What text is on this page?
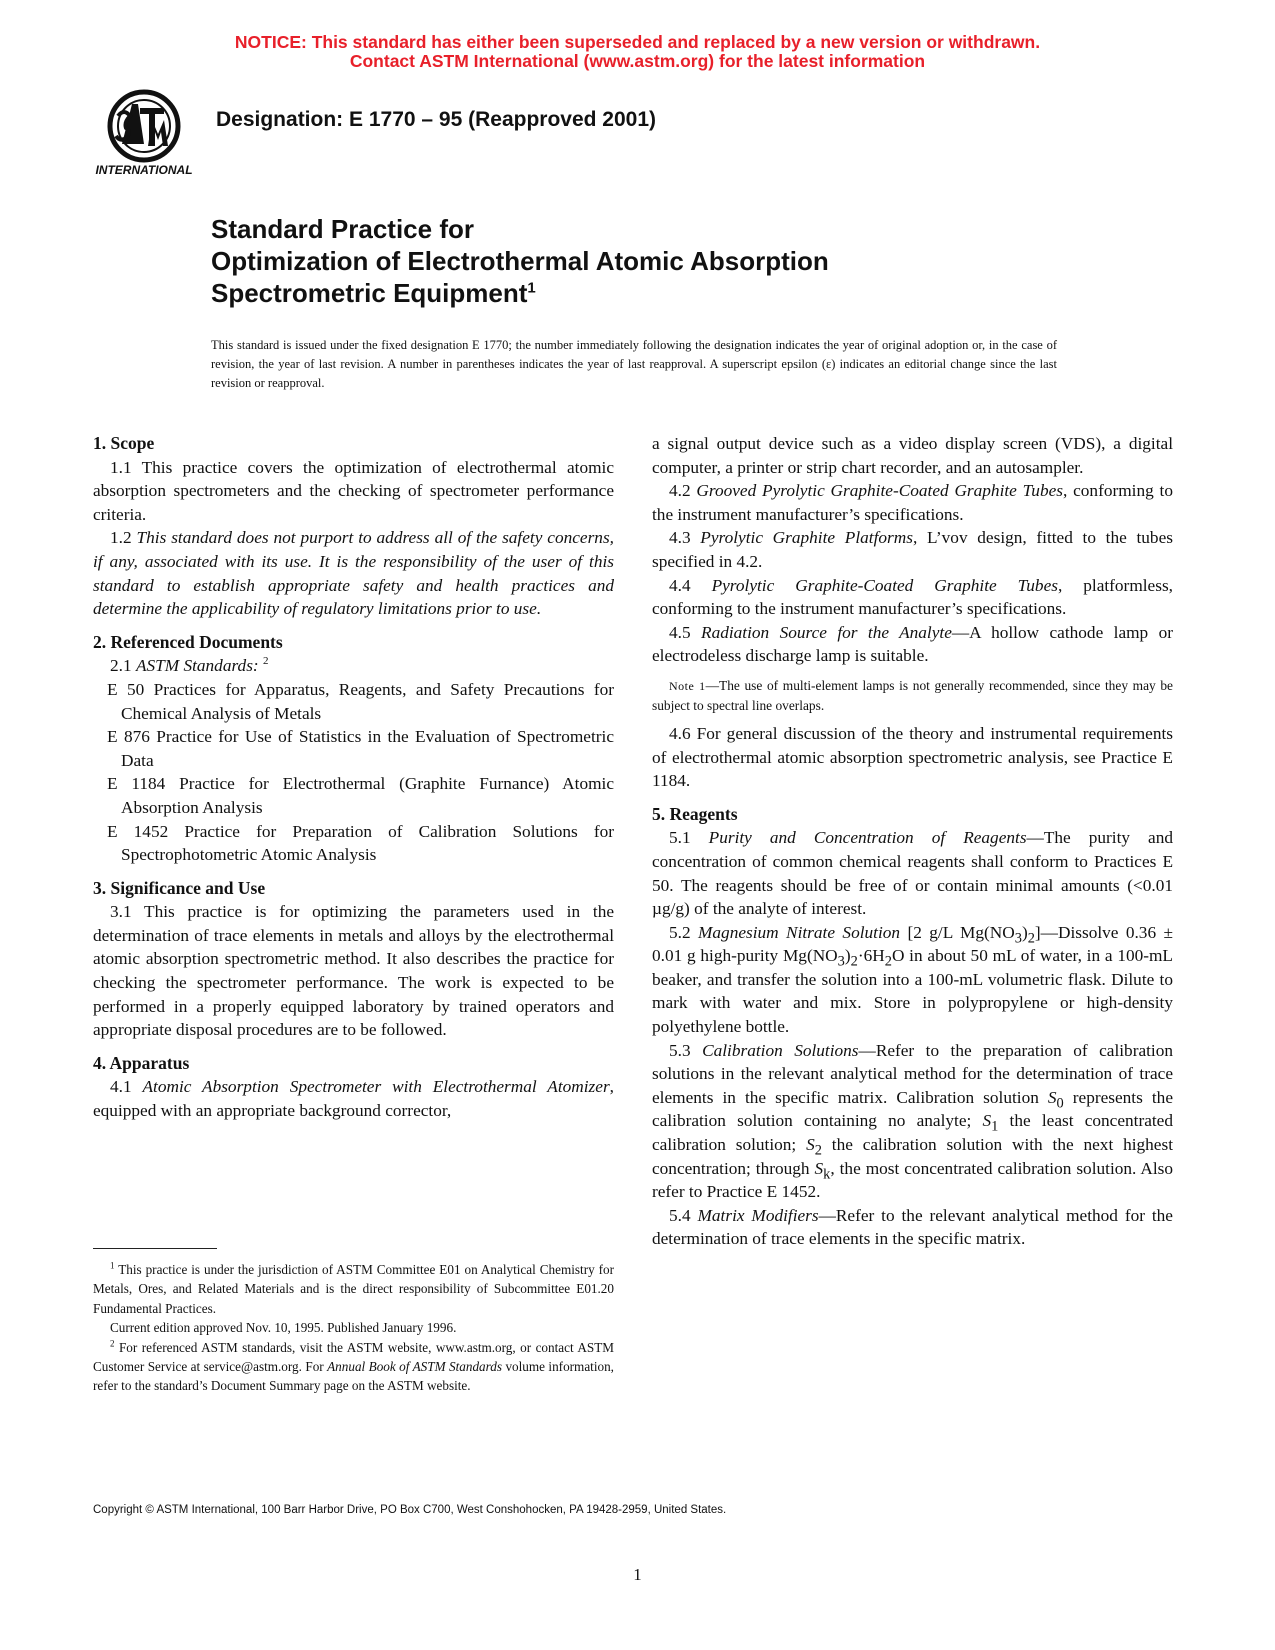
NOTICE: This standard has either been superseded and replaced by a new version or withdrawn.
Contact ASTM International (www.astm.org) for the latest information
INTERNATIONAL
Designation: E 1770 – 95 (Reapproved 2001)
Standard Practice for
Optimization of Electrothermal Atomic Absorption
Spectrometric Equipment$^1$
This standard is issued under the fixed designation E 1770; the number immediately following the designation indicates the year of original adoption or, in the case of revision, the year of last revision. A number in parentheses indicates the year of last reapproval. A superscript epsilon (ε) indicates an editorial change since the last revision or reapproval.
1. Scope

1.1 This practice covers the optimization of electrothermal atomic absorption spectrometers and the checking of spectrometer performance criteria.

1.2 This standard does not purport to address all of the safety concerns, if any, associated with its use. It is the responsibility of the user of this standard to establish appropriate safety and health practices and determine the applicability of regulatory limitations prior to use.

2. Referenced Documents

2.1 ASTM Standards: $^2$

E 50 Practices for Apparatus, Reagents, and Safety Precautions for Chemical Analysis of Metals

E 876 Practice for Use of Statistics in the Evaluation of Spectrometric Data

E 1184 Practice for Electrothermal (Graphite Furnance) Atomic Absorption Analysis

E 1452 Practice for Preparation of Calibration Solutions for Spectrophotometric Atomic Analysis

3. Significance and Use

3.1 This practice is for optimizing the parameters used in the determination of trace elements in metals and alloys by the electrothermal atomic absorption spectrometric method. It also describes the practice for checking the spectrometer performance. The work is expected to be performed in a properly equipped laboratory by trained operators and appropriate disposal procedures are to be followed.

4. Apparatus

4.1 Atomic Absorption Spectrometer with Electrothermal Atomizer, equipped with an appropriate background corrector,

$^1$ This practice is under the jurisdiction of ASTM Committee E01 on Analytical Chemistry for Metals, Ores, and Related Materials and is the direct responsibility of Subcommittee E01.20 Fundamental Practices.

Current edition approved Nov. 10, 1995. Published January 1996.

$^2$ For referenced ASTM standards, visit the ASTM website, www.astm.org, or contact ASTM Customer Service at service@astm.org. For Annual Book of ASTM Standards volume information, refer to the standard’s Document Summary page on the ASTM website.

a signal output device such as a video display screen (VDS), a digital computer, a printer or strip chart recorder, and an autosampler.

4.2 Grooved Pyrolytic Graphite-Coated Graphite Tubes, conforming to the instrument manufacturer’s specifications.

4.3 Pyrolytic Graphite Platforms, L’vov design, fitted to the tubes specified in 4.2.

4.4 Pyrolytic Graphite-Coated Graphite Tubes, platformless, conforming to the instrument manufacturer’s specifications.

4.5 Radiation Source for the Analyte—A hollow cathode lamp or electrodeless discharge lamp is suitable.

Note 1—The use of multi-element lamps is not generally recommended, since they may be subject to spectral line overlaps.

4.6 For general discussion of the theory and instrumental requirements of electrothermal atomic absorption spectrometric analysis, see Practice E 1184.

5. Reagents

5.1 Purity and Concentration of Reagents—The purity and concentration of common chemical reagents shall conform to Practices E 50. The reagents should be free of or contain minimal amounts (<0.01 µg/g) of the analyte of interest.

5.2 Magnesium Nitrate Solution [2 g/L $Mg(NO_3)_2]—Dissolve$ 0.36 ± 0.01 g high-purity $Mg(NO_3)_2\cdot 6H_2O$ in about 50 mL of water, in a 100-mL beaker, and transfer the solution into a 100-mL volumetric flask. Dilute to mark with water and mix. Store in polypropylene or high-density polyethylene bottle.

5.3 Calibration Solutions—Refer to the preparation of calibration solutions in the relevant analytical method for the determination of trace elements in the specific matrix. Calibration solution $S_0$ represents the calibration solution containing no analyte; $S_1$ the least concentrated calibration solution; $S_2$ the calibration solution with the next highest concentration; through $S_k$, the most concentrated calibration solution. Also refer to Practice E 1452.

5.4 Matrix Modifiers—Refer to the relevant analytical method for the determination of trace elements in the specific matrix.

Copyright © ASTM International, 100 Barr Harbor Drive, PO Box C700, West Conshohocken, PA 19428-2959, United States.
1
